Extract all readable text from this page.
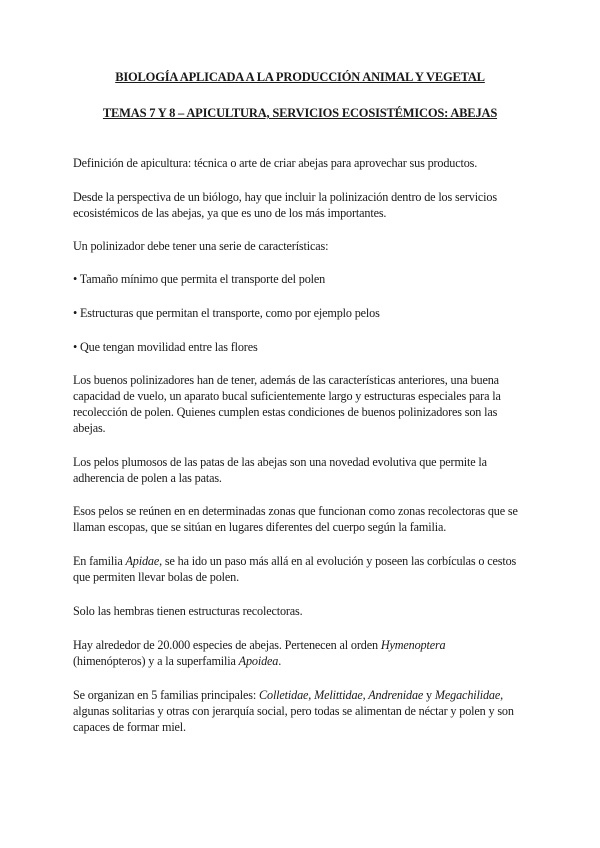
BIOLOGÍA APLICADA A LA PRODUCCIÓN ANIMAL Y VEGETAL
TEMAS 7 Y 8 – APICULTURA, SERVICIOS ECOSISTÉMICOS: ABEJAS
Definición de apicultura: técnica o arte de criar abejas para aprovechar sus productos.
Desde la perspectiva de un biólogo, hay que incluir la polinización dentro de los servicios
ecosistémicos de las abejas, ya que es uno de los más importantes.
Un polinizador debe tener una serie de características:
• Tamaño mínimo que permita el transporte del polen
• Estructuras que permitan el transporte, como por ejemplo pelos
• Que tengan movilidad entre las flores
Los buenos polinizadores han de tener, además de las características anteriores, una buena
capacidad de vuelo, un aparato bucal suficientemente largo y estructuras especiales para la
recolección de polen. Quienes cumplen estas condiciones de buenos polinizadores son las
abejas.
Los pelos plumosos de las patas de las abejas son una novedad evolutiva que permite la
adherencia de polen a las patas.
Esos pelos se reúnen en en determinadas zonas que funcionan como zonas recolectoras que se
llaman escopas, que se sitúan en lugares diferentes del cuerpo según la familia.
En familia Apidae, se ha ido un paso más allá en al evolución y poseen las corbículas o cestos
que permiten llevar bolas de polen.
Solo las hembras tienen estructuras recolectoras.
Hay alrededor de 20.000 especies de abejas. Pertenecen al orden Hymenoptera
(himenópteros) y a la superfamilia Apoidea.
Se organizan en 5 familias principales: Colletidae, Melittidae, Andrenidae y Megachilidae,
algunas solitarias y otras con jerarquía social, pero todas se alimentan de néctar y polen y son
capaces de formar miel.
